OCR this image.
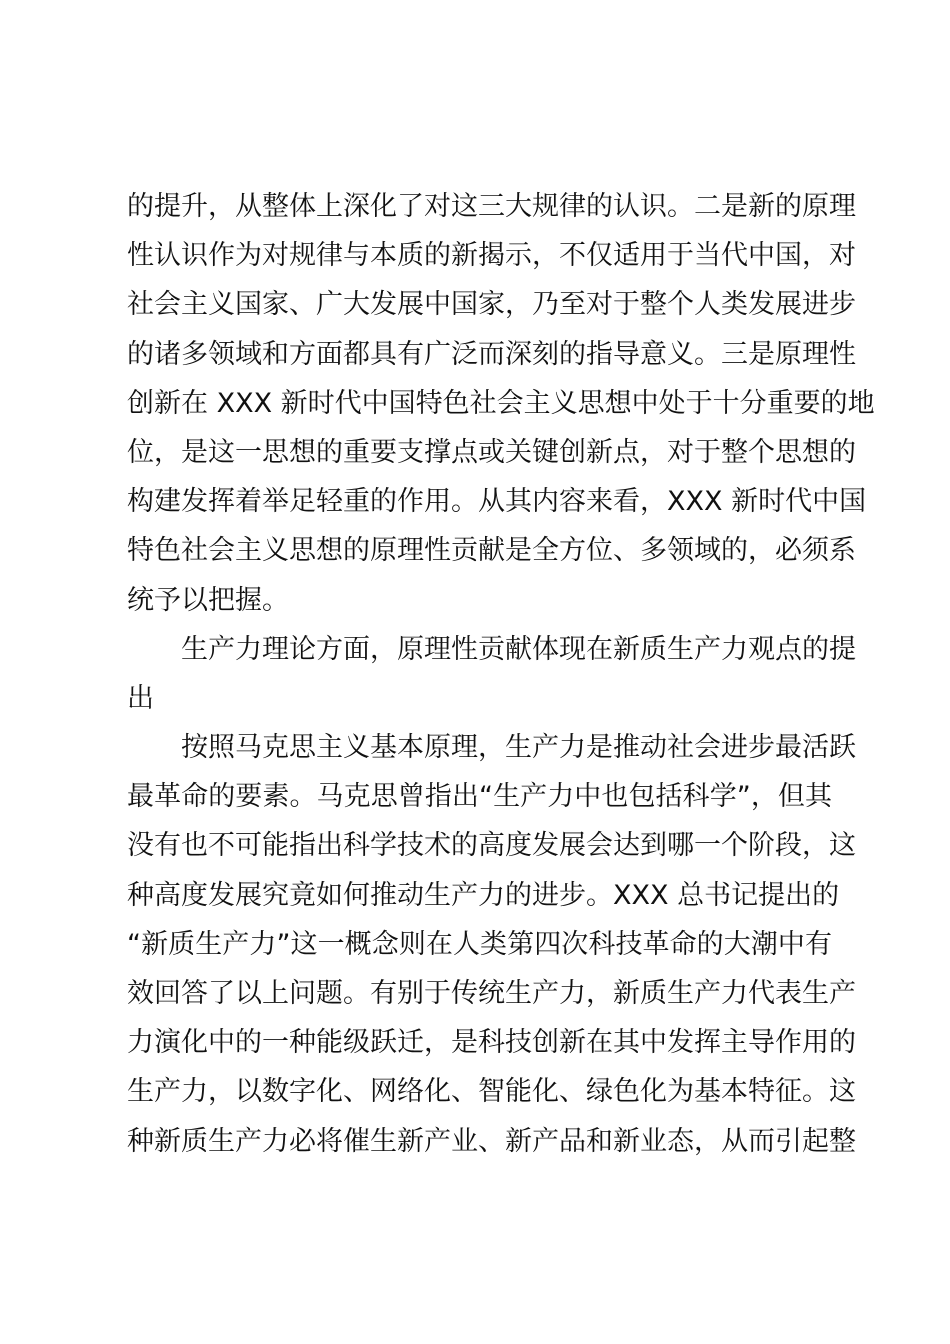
的提升，从整体上深化了对这三大规律的认识。二是新的原理
性认识作为对规律与本质的新揭示，不仅适用于当代中国，对
社会主义国家、广大发展中国家，乃至对于整个人类发展进步
的诸多领域和方面都具有广泛而深刻的指导意义。三是原理性
创新在 XXX 新时代中国特色社会主义思想中处于十分重要的地
位，是这一思想的重要支撑点或关键创新点，对于整个思想的
构建发挥着举足轻重的作用。从其内容来看，XXX 新时代中国
特色社会主义思想的原理性贡献是全方位、多领域的，必须系
统予以把握。
生产力理论方面，原理性贡献体现在新质生产力观点的提
出
按照马克思主义基本原理，生产力是推动社会进步最活跃
最革命的要素。马克思曾指出“生产力中也包括科学”，但其
没有也不可能指出科学技术的高度发展会达到哪一个阶段，这
种高度发展究竟如何推动生产力的进步。XXX 总书记提出的
“新质生产力”这一概念则在人类第四次科技革命的大潮中有
效回答了以上问题。有别于传统生产力，新质生产力代表生产
力演化中的一种能级跃迁，是科技创新在其中发挥主导作用的
生产力，以数字化、网络化、智能化、绿色化为基本特征。这
种新质生产力必将催生新产业、新产品和新业态，从而引起整
